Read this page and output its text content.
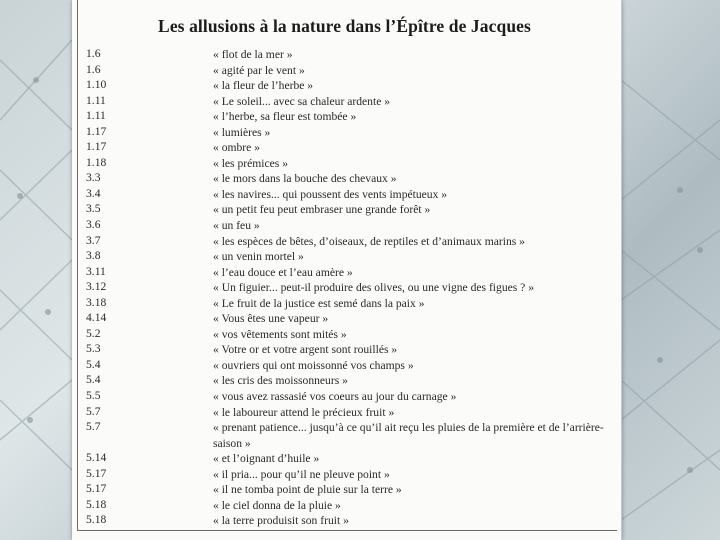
Les allusions à la nature dans l’Épître de Jacques
1.6	« flot de la mer »
1.6	« agité par le vent »
1.10	« la fleur de l’herbe »
1.11	« Le soleil... avec sa chaleur ardente »
1.11	« l’herbe, sa fleur est tombée »
1.17	« lumières »
1.17	« ombre »
1.18	« les prémices »
3.3	« le mors dans la bouche des chevaux »
3.4	« les navires... qui poussent des vents impétueux »
3.5	« un petit feu peut embraser une grande forêt »
3.6	« un feu »
3.7	« les espèces de bêtes, d’oiseaux, de reptiles et d’animaux marins »
3.8	« un venin mortel »
3.11	« l’eau douce et l’eau amère »
3.12	« Un figuier... peut-il produire des olives, ou une vigne des figues ? »
3.18	« Le fruit de la justice est semé dans la paix »
4.14	« Vous êtes une vapeur »
5.2	« vos vêtements sont mités »
5.3	« Votre or et votre argent sont rouillés »
5.4	« ouvriers qui ont moissonné vos champs »
5.4	« les cris des moissonneurs »
5.5	« vous avez rassasié vos coeurs au jour du carnage »
5.7	« le laboureur attend le précieux fruit »
5.7	« prenant patience... jusqu’à ce qu’il ait reçu les pluies de la première et de l’arrière-saison »
5.14	« et l’oignant d’huile »
5.17	« il pria... pour qu’il ne pleuve point »
5.17	« il ne tomba point de pluie sur la terre »
5.18	« le ciel donna de la pluie »
5.18	« la terre produisit son fruit »
